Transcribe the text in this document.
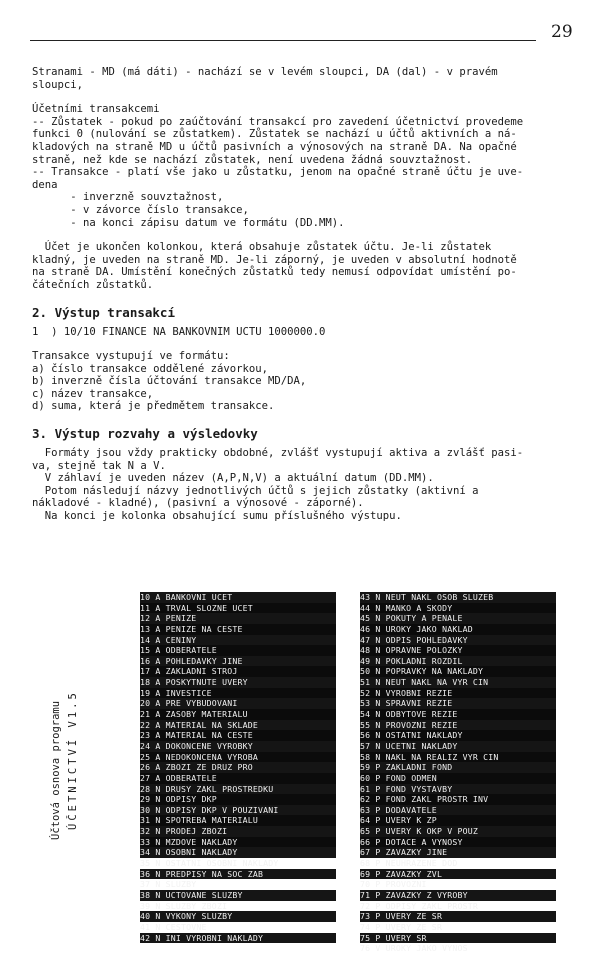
29

Stranami - MD (má dáti) - nachází se v levém sloupci, DA (dal) - v pravém

sloupci,

Účetními transakcemi

-- Zůstatek - pokud po zaúčtování transakcí pro zavedení účetnictví provedeme

funkci 0 (nulování se zůstatkem). Zůstatek se nachází u účtů aktivních a ná-

kladových na straně MD u účtů pasivních a výnosových na straně DA. Na opačné

straně, než kde se nachází zůstatek, není uvedena žádná souvztažnost.

-- Transakce - platí vše jako u zůstatku, jenom na opačné straně účtu je uve-

dena

- inverzně souvztažnost,

- v závorce číslo transakce,

- na konci zápisu datum ve formátu (DD.MM).

Účet je ukončen kolonkou, která obsahuje zůstatek účtu. Je-li zůstatek

kladný, je uveden na straně MD. Je-li záporný, je uveden v absolutní hodnotě

na straně DA. Umístění konečných zůstatků tedy nemusí odpovídat umístění po-

čátečních zůstatků.

2. Výstup transakcí

1  ) 10/10 FINANCE NA BANKOVNIM UCTU 1000000.0

Transakce vystupují ve formátu:

a) číslo transakce oddělené závorkou,

b) inverzně čísla účtování transakce MD/DA,

c) název transakce,

d) suma, která je předmětem transakce.

3. Výstup rozvahy a výsledovky

Formáty jsou vždy prakticky obdobné, zvlášť vystupují aktiva a zvlášť pasi-

va, stejně tak N a V.

V záhlaví je uveden název (A,P,N,V) a aktuální datum (DD.MM).

Potom následují názvy jednotlivých účtů s jejich zůstatky (aktivní a

nákladové - kladné), (pasivní a výnosové - záporné).

Na konci je kolonka obsahující sumu příslušného výstupu.

Účtová osnova programu ÚČETNICTVÍ V1.5
10 A BANKOVNI UCET
11 A TRVAL SLOZNE UCET
12 A PENIZE
13 A PENIZE NA CESTE
14 A CENINY
15 A ODBERATELE
16 A POHLEDAVKY JINE
17 A ZAKLADNI STROJ
18 A POSKYTNUTE UVERY
19 A INVESTICE
20 A PRE VYBUDOVANI
21 A ZASOBY MATERIALU
22 A MATERIAL NA SKLADE
23 A MATERIAL NA CESTE
24 A DOKONCENE VYROBKY
25 A NEDOKONCENA VYROBA
26 A ZBOZI ZE DRUZ PRO
27 A ODBERATELE
28 N DRUSY ZAKL PROSTREDKU
29 N ODPISY DKP
30 N ODPISY DKP V POUZIVANI
31 N SPOTREBA MATERIALU
32 N PRODEJ ZBOZI
33 N MZDOVE NAKLADY
34 N OSOBNI NAKLADY
35 N OSTATNI OSOBNI NAKLADY
36 N PREDPISY NA SOC ZAB
37 N SLUZBY
38 N UCTOVANE SLUZBY
39 N SLUZBY ZBOZI
40 N VYKONY SLUZBY
41 N CESTOVNE
42 N INI VYROBNI NAKLADY
43 N NEUT NAKL OSOB SLUZEB
44 N MANKO A SKODY
45 N POKUTY A PENALE
46 N UROKY JAKO NAKLAD
47 N ODPIS POHLEDAVKY
48 N OPRAVNE POLOZKY
49 N POKLADNI ROZDIL
50 N POPRAVKY NA NAKLADY
51 N NEUT NAKL NA VYR CIN
52 N VYROBNI REZIE
53 N SPRAVNI REZIE
54 N ODBYTOVE REZIE
55 N PROVOZNI REZIE
56 N OSTATNI NAKLADY
57 N UCETNI NAKLADY
58 N NAKL NA REALIZ VYR CIN
59 P ZAKLADNI FOND
60 P FOND ODMEN
61 P FOND VYSTAVBY
62 P FOND ZAKL PROSTR INV
63 P DODAVATELE
64 P UVERY K ZP
65 P UVERY K OKP V POUZ
66 P DOTACE A VYNOSY
67 P ZAVAZKY JINE
68 P NEUHRAZENE DOD
69 P ZAVAZKY ZVL
70 P PROVOZNI
71 P ZAVAZKY Z VYROBY
72 P ODPISY ZAKL PROSTR
73 P UVERY ZE SR
74 P UVERY ZE SR
75 P UVERY SR
76 V UROKY JAKO VYNOS
